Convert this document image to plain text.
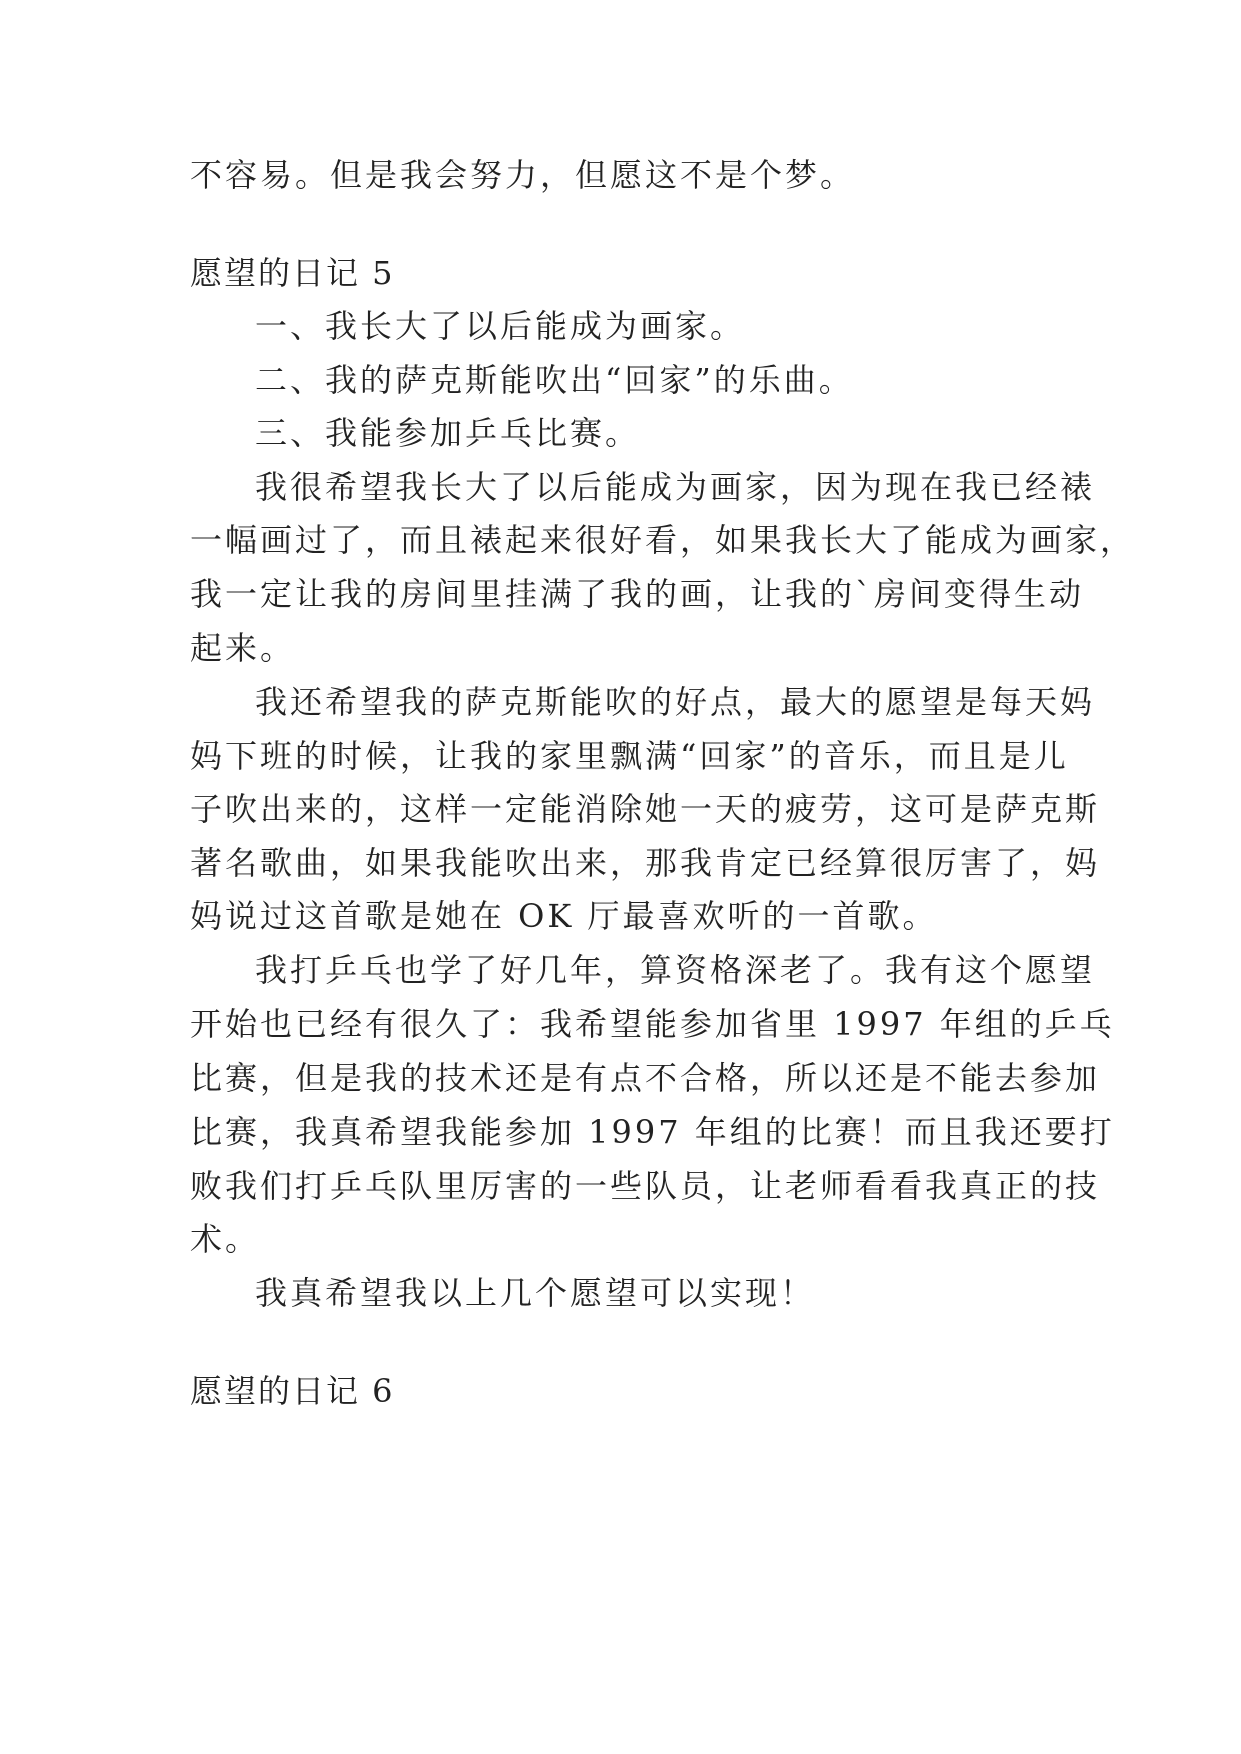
不容易。但是我会努力，但愿这不是个梦。
愿望的日记 5
一、我长大了以后能成为画家。
二、我的萨克斯能吹出“回家”的乐曲。
三、我能参加乒乓比赛。
我很希望我长大了以后能成为画家，因为现在我已经裱
一幅画过了，而且裱起来很好看，如果我长大了能成为画家，
我一定让我的房间里挂满了我的画，让我的`房间变得生动
起来。
我还希望我的萨克斯能吹的好点，最大的愿望是每天妈
妈下班的时候，让我的家里飘满“回家”的音乐，而且是儿
子吹出来的，这样一定能消除她一天的疲劳，这可是萨克斯
著名歌曲，如果我能吹出来，那我肯定已经算很厉害了，妈
妈说过这首歌是她在 OK 厅最喜欢听的一首歌。
我打乒乓也学了好几年，算资格深老了。我有这个愿望
开始也已经有很久了：我希望能参加省里 1997 年组的乒乓
比赛，但是我的技术还是有点不合格，所以还是不能去参加
比赛，我真希望我能参加 1997 年组的比赛！而且我还要打
败我们打乒乓队里厉害的一些队员，让老师看看我真正的技
术。
我真希望我以上几个愿望可以实现！
愿望的日记 6
